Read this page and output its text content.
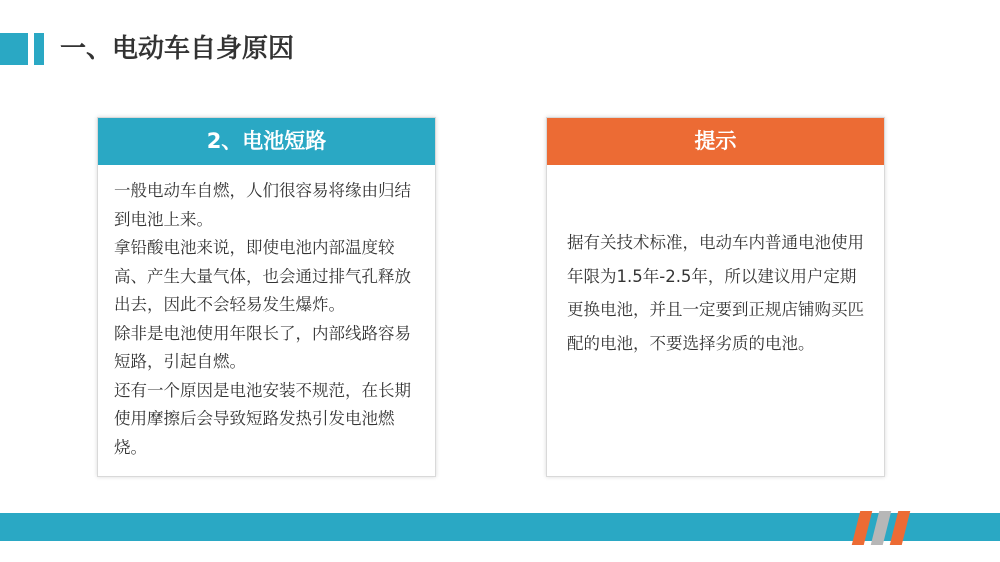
一、电动车自身原因
2、电池短路

一般电动车自燃，人们很容易将缘由归结到电池上来。

拿铅酸电池来说，即使电池内部温度较高、产生大量气体，也会通过排气孔释放出去，因此不会轻易发生爆炸。

除非是电池使用年限长了，内部线路容易短路，引起自燃。

还有一个原因是电池安装不规范，在长期使用摩擦后会导致短路发热引发电池燃烧。

提示
据有关技术标准，电动车内普通电池使用年限为1.5年-2.5年，所以建议用户定期更换电池，并且一定要到正规店铺购买匹配的电池，不要选择劣质的电池。
